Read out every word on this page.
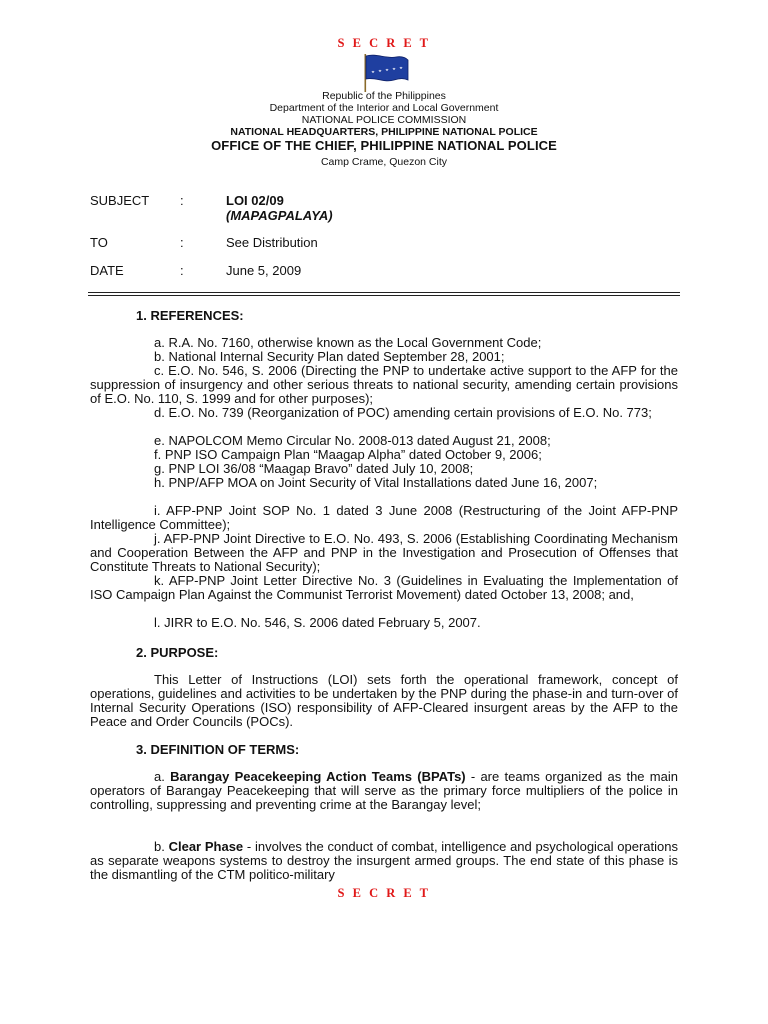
S E C R E T
Republic of the Philippines
Department of the Interior and Local Government
NATIONAL POLICE COMMISSION
NATIONAL HEADQUARTERS, PHILIPPINE NATIONAL POLICE
OFFICE OF THE CHIEF, PHILIPPINE NATIONAL POLICE
Camp Crame, Quezon City
SUBJECT :	LOI 02/09
(MAPAGPALAYA)
TO	:	See Distribution
DATE	:	June 5, 2009
1. REFERENCES:
a. R.A. No. 7160, otherwise known as the Local Government Code;
b. National Internal Security Plan dated September 28, 2001;
c. E.O. No. 546, S. 2006 (Directing the PNP to undertake active support to the AFP for the suppression of insurgency and other serious threats to national security, amending certain provisions of E.O. No. 110, S. 1999 and for other purposes);
d. E.O. No. 739 (Reorganization of POC) amending certain provisions of E.O. No. 773;
e. NAPOLCOM Memo Circular No. 2008-013 dated August 21, 2008;
f. PNP ISO Campaign Plan “Maagap Alpha” dated October 9, 2006;
g. PNP LOI 36/08 “Maagap Bravo” dated July 10, 2008;
h. PNP/AFP MOA on Joint Security of Vital Installations dated June 16, 2007;
i. AFP-PNP Joint SOP No. 1 dated 3 June 2008 (Restructuring of the Joint AFP-PNP Intelligence Committee);
j. AFP-PNP Joint Directive to E.O. No. 493, S. 2006 (Establishing Coordinating Mechanism and Cooperation Between the AFP and PNP in the Investigation and Prosecution of Offenses that Constitute Threats to National Security);
k. AFP-PNP Joint Letter Directive No. 3 (Guidelines in Evaluating the Implementation of ISO Campaign Plan Against the Communist Terrorist Movement) dated October 13, 2008; and,
l. JIRR to E.O. No. 546, S. 2006 dated February 5, 2007.
2. PURPOSE:
This Letter of Instructions (LOI) sets forth the operational framework, concept of operations, guidelines and activities to be undertaken by the PNP during the phase-in and turn-over of Internal Security Operations (ISO) responsibility of AFP-Cleared insurgent areas by the AFP to the Peace and Order Councils (POCs).
3. DEFINITION OF TERMS:
a. Barangay Peacekeeping Action Teams (BPATs) - are teams organized as the main operators of Barangay Peacekeeping that will serve as the primary force multipliers of the police in controlling, suppressing and preventing crime at the Barangay level;
b. Clear Phase - involves the conduct of combat, intelligence and psychological operations as separate weapons systems to destroy the insurgent armed groups. The end state of this phase is the dismantling of the CTM politico-military
S E C R E T
